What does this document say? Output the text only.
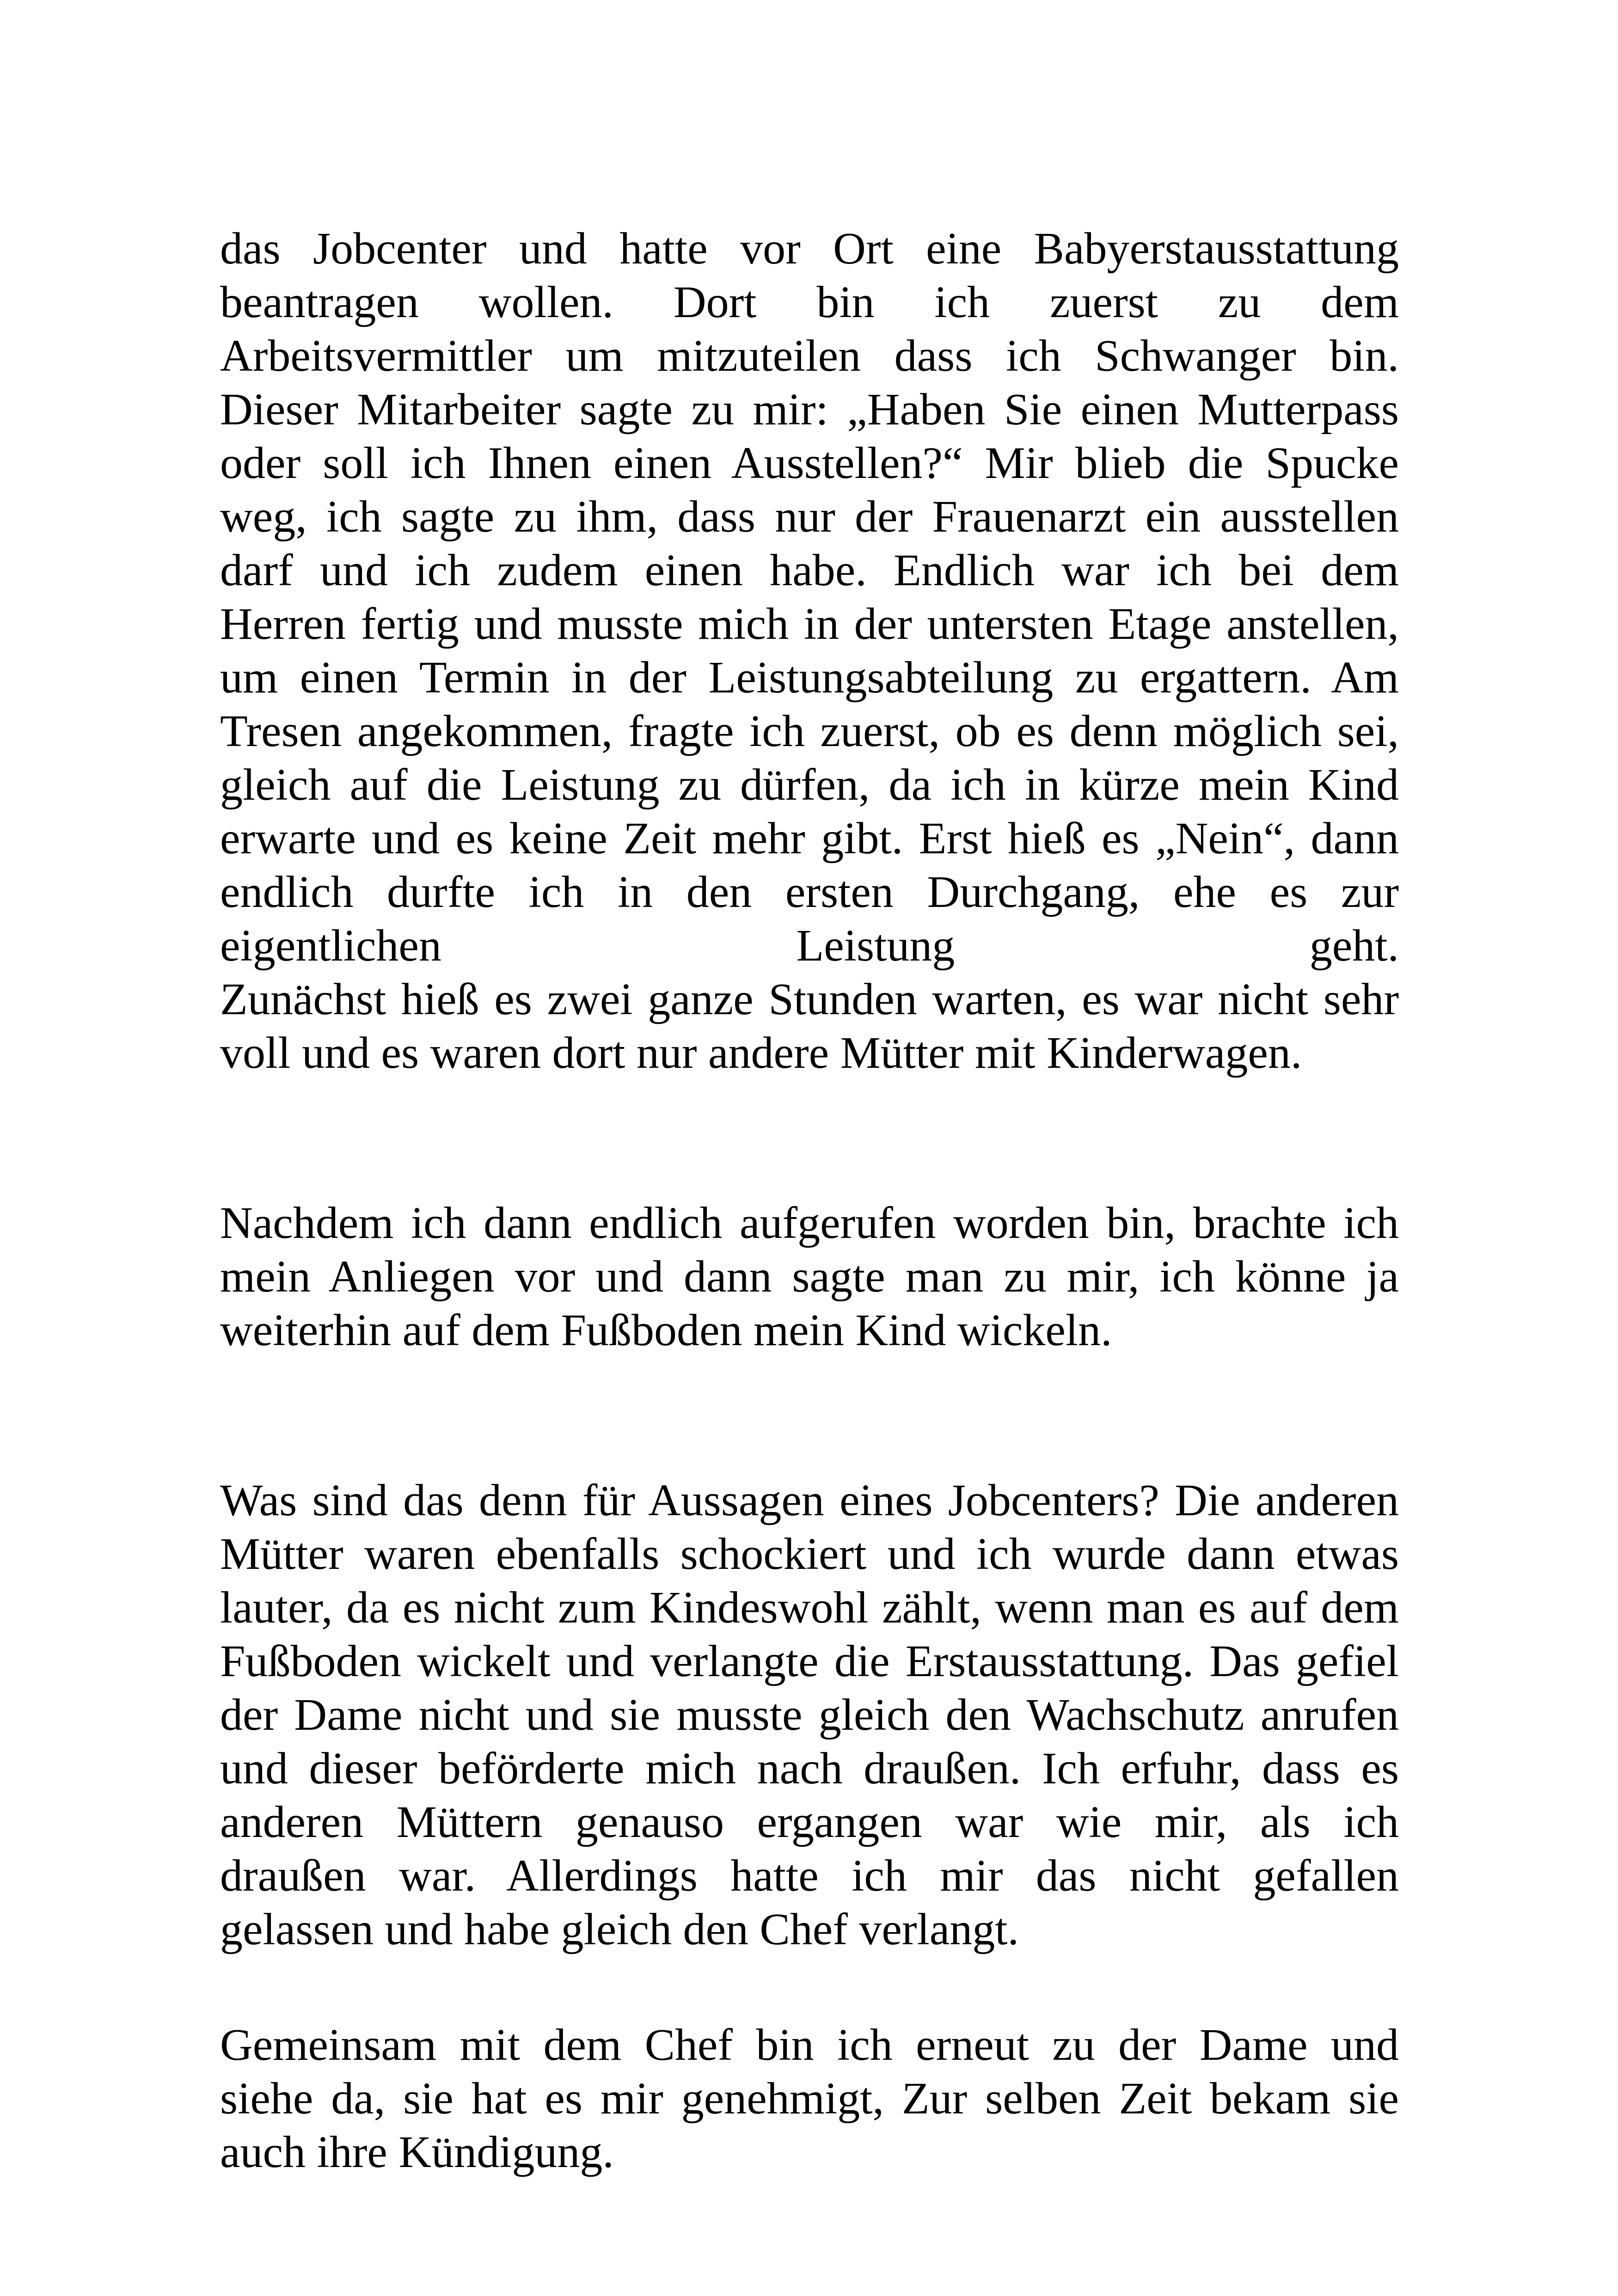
das Jobcenter und hatte vor Ort eine Babyerstausstattung
beantragen wollen. Dort bin ich zuerst zu dem
Arbeitsvermittler um mitzuteilen dass ich Schwanger bin.
Dieser Mitarbeiter sagte zu mir: „Haben Sie einen Mutterpass
oder soll ich Ihnen einen Ausstellen?“ Mir blieb die Spucke
weg, ich sagte zu ihm, dass nur der Frauenarzt ein ausstellen
darf und ich zudem einen habe. Endlich war ich bei dem
Herren fertig und musste mich in der untersten Etage anstellen,
um einen Termin in der Leistungsabteilung zu ergattern. Am
Tresen angekommen, fragte ich zuerst, ob es denn möglich sei,
gleich auf die Leistung zu dürfen, da ich in kürze mein Kind
erwarte und es keine Zeit mehr gibt. Erst hieß es „Nein“, dann
endlich durfte ich in den ersten Durchgang, ehe es zur
eigentlichen Leistung geht.
Zunächst hieß es zwei ganze Stunden warten, es war nicht sehr
voll und es waren dort nur andere Mütter mit Kinderwagen.
Nachdem ich dann endlich aufgerufen worden bin, brachte ich
mein Anliegen vor und dann sagte man zu mir, ich könne ja
weiterhin auf dem Fußboden mein Kind wickeln.
Was sind das denn für Aussagen eines Jobcenters? Die anderen
Mütter waren ebenfalls schockiert und ich wurde dann etwas
lauter, da es nicht zum Kindeswohl zählt, wenn man es auf dem
Fußboden wickelt und verlangte die Erstausstattung. Das gefiel
der Dame nicht und sie musste gleich den Wachschutz anrufen
und dieser beförderte mich nach draußen. Ich erfuhr, dass es
anderen Müttern genauso ergangen war wie mir, als ich
draußen war. Allerdings hatte ich mir das nicht gefallen
gelassen und habe gleich den Chef verlangt.
Gemeinsam mit dem Chef bin ich erneut zu der Dame und
siehe da, sie hat es mir genehmigt, Zur selben Zeit bekam sie
auch ihre Kündigung.
